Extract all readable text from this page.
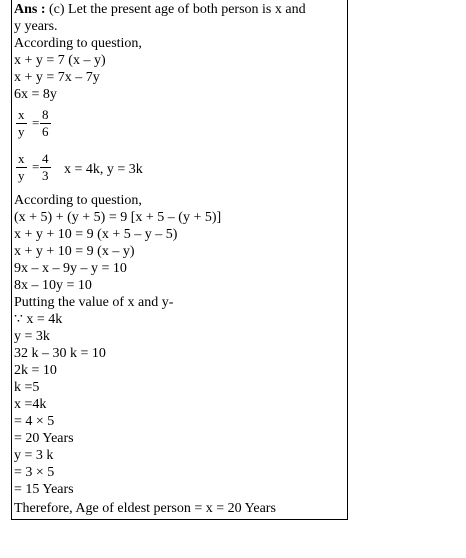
Ans : (c) Let the present age of both person is x and
y years.
According to question,
x + y = 7 (x – y)
x + y = 7x – 7y
6x = 8y
x
y
=
8
6
x
y
=
4
3 x = 4k, y = 3k
According to question,
(x + 5) + (y + 5) = 9 [x + 5 – (y + 5)]
x + y + 10 = 9 (x + 5 – y – 5)
x + y + 10 = 9 (x – y)
9x – x – 9y – y = 10
8x – 10y = 10
Putting the value of x and y-
∵ x = 4k
y = 3k
32 k – 30 k = 10
2k = 10
k =5
x =4k
= 4 × 5
= 20 Years
y = 3 k
= 3 × 5
= 15 Years
Therefore, Age of eldest person = x = 20 Years
